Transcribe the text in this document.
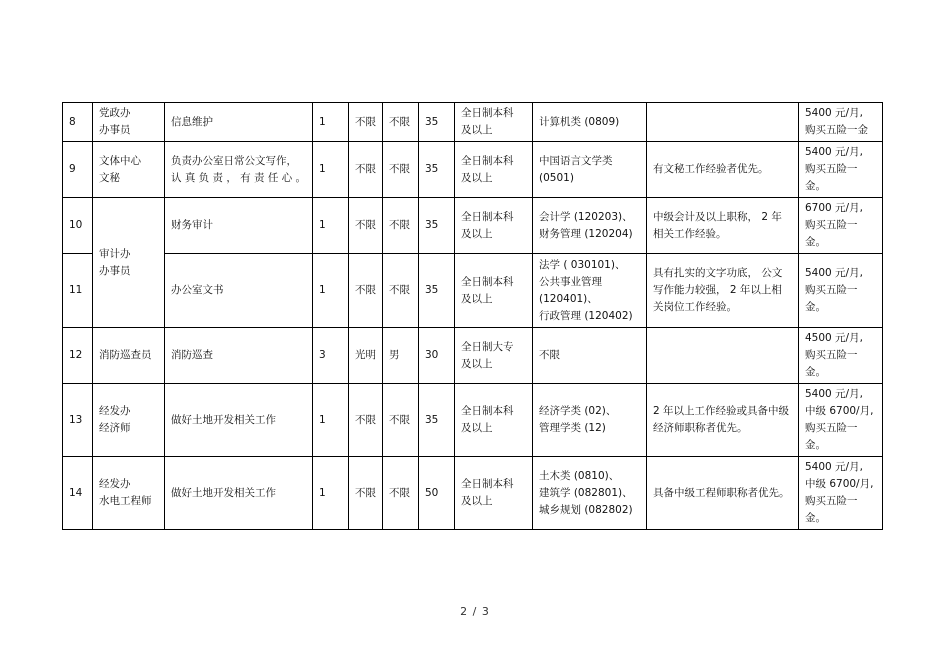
8	党政办
办事员	信息维护	1	不限	不限	35	全日制本科
及以上	计算机类 (0809)		5400 元/月,
购买五险一金
9	文体中心
文秘	负责办公室日常公文写作，认真负责，有责任心。	1	不限	不限	35	全日制本科
及以上	中国语言文学类
(0501)	有文秘工作经验者优先。	5400 元/月,
购买五险一金。
10	审计办
办事员	财务审计	1	不限	不限	35	全日制本科
及以上	会计学 (120203)、
财务管理 (120204)	中级会计及以上职称， 2 年相关工作经验。	6700 元/月,
购买五险一金。
11		办公室文书	1	不限	不限	35	全日制本科
及以上	法学 ( 030101)、
公共事业管理
(120401)、
行政管理 (120402)	具有扎实的文字功底， 公文写作能力较强， 2 年以上相关岗位工作经验。	5400 元/月,
购买五险一金。
12	消防巡查员	消防巡查	3	光明	男	30	全日制大专
及以上	不限		4500 元/月,
购买五险一金。
13	经发办
经济师	做好土地开发相关工作	1	不限	不限	35	全日制本科
及以上	经济学类 (02)、
管理学类 (12)	2 年以上工作经验或具备中级经济师职称者优先。	5400 元/月,
中级 6700/月,
购买五险一金。
14	经发办
水电工程师	做好土地开发相关工作	1	不限	不限	50	全日制本科
及以上	土木类 (0810)、
建筑学 (082801)、
城乡规划 (082802)	具备中级工程师职称者优先。	5400 元/月,
中级 6700/月,
购买五险一金。
2 / 3
